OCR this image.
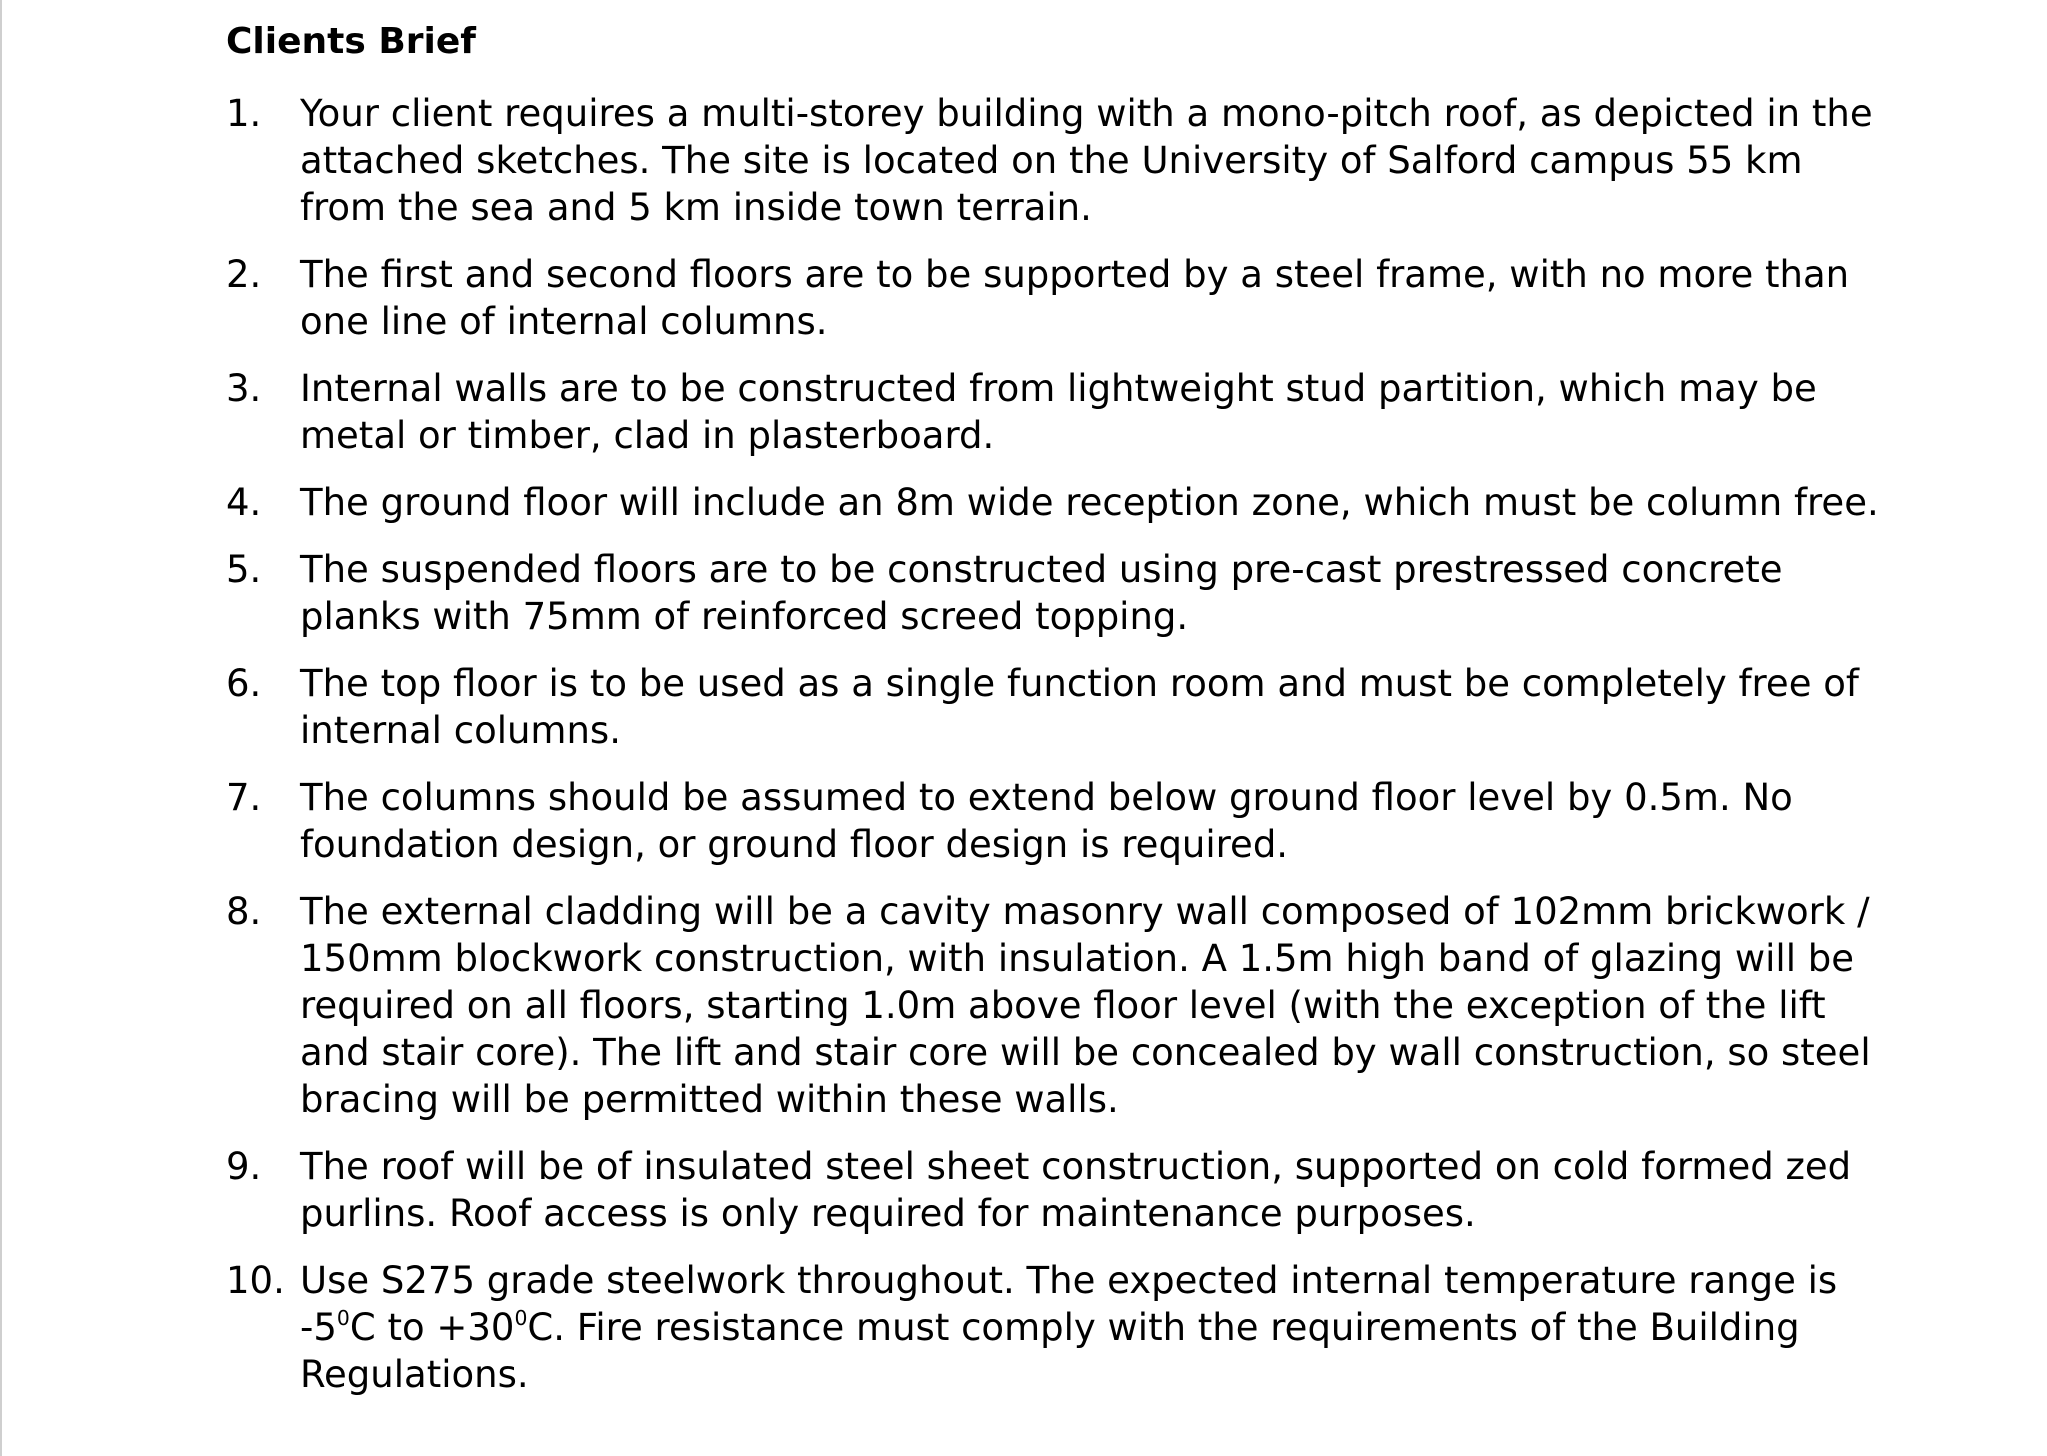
Clients Brief
1.	Your client requires a multi-storey building with a mono-pitch roof, as depicted in the attached sketches. The site is located on the University of Salford campus 55 km from the sea and 5 km inside town terrain.
2.	The first and second floors are to be supported by a steel frame, with no more than one line of internal columns.
3.	Internal walls are to be constructed from lightweight stud partition, which may be metal or timber, clad in plasterboard.
4.	The ground floor will include an 8m wide reception zone, which must be column free.
5.	The suspended floors are to be constructed using pre-cast prestressed concrete planks with 75mm of reinforced screed topping.
6.	The top floor is to be used as a single function room and must be completely free of internal columns.
7.	The columns should be assumed to extend below ground floor level by 0.5m. No foundation design, or ground floor design is required.
8.	The external cladding will be a cavity masonry wall composed of 102mm brickwork / 150mm blockwork construction, with insulation. A 1.5m high band of glazing will be required on all floors, starting 1.0m above floor level (with the exception of the lift and stair core). The lift and stair core will be concealed by wall construction, so steel bracing will be permitted within these walls.
9.	The roof will be of insulated steel sheet construction, supported on cold formed zed purlins. Roof access is only required for maintenance purposes.
10. Use S275 grade steelwork throughout. The expected internal temperature range is $-5^0C$ to $+30^0C$. Fire resistance must comply with the requirements of the Building Regulations.
